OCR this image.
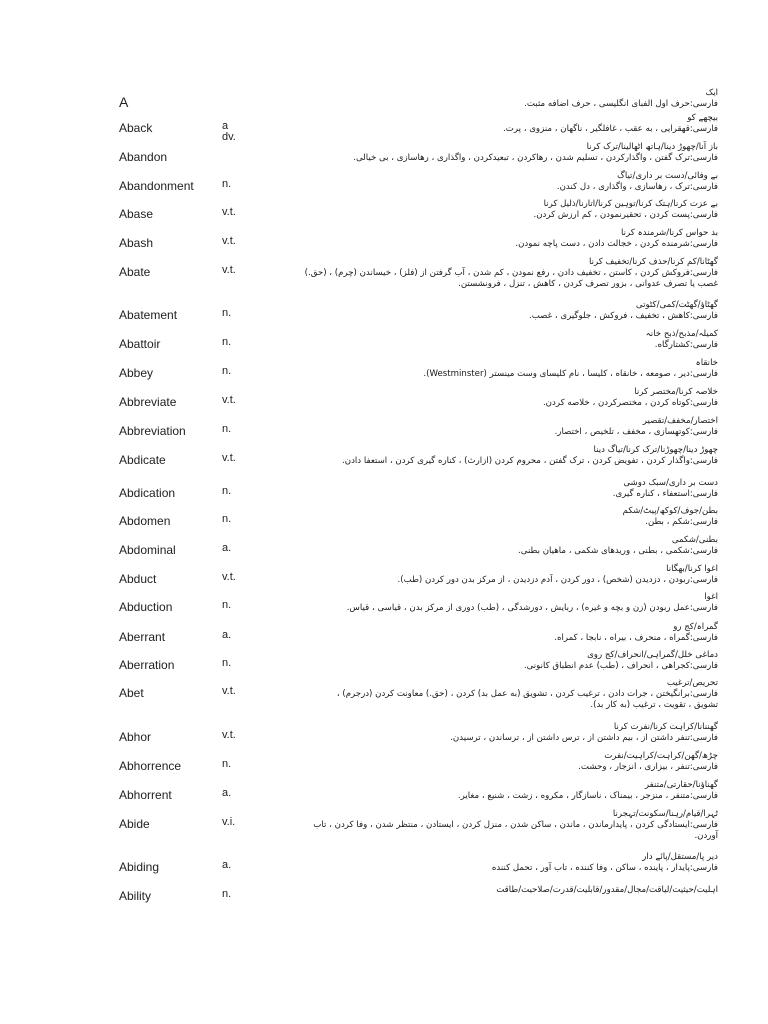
A
ایک
فارسی:حرف اول الفبای انگلیسی ، حرف اضافه مثبت.
Aback	a
dv.
بیچھے کو
فارسی:قهقرایی ، به عقب ، غافلگیر ، ناگهان ، منزوی ، پرت.
Abandon
باز آنا/چھوڑ دینا/ہاتھ اٹھالینا/ترک کرنا
فارسی:ترک گفتن ، واگذارکردن ، تسلیم شدن ، رهاکردن ، تبعیدکردن ، واگذاری ، رهاسازی ، بی خیالی.
Abandonment	n.
بے وفائی/دست بر داری/تیاگ
فارسی:ترک ، رهاسازی ، واگذاری ، دل کندن.
Abase	v.t.
بے عزت کرنا/ہتک کرنا/توہین کرنا/اتارنا/ذلیل کرنا
فارسی:پست کردن ، تحقیرنمودن ، کم ارزش کردن.
Abash	v.t.
بد حواس کرنا/شرمندہ کرنا
فارسی:شرمنده کردن ، خجالت دادن ، دست پاچه نمودن.
Abate	v.t.
گھٹانا/کم کرنا/حذف کرنا/تخفیف کرنا
فارسی:فروکش کردن ، کاستن ، تخفیف دادن ، رفع نمودن ، کم شدن ، آب گرفتن از (فلز) ، خیساندن (چرم) ، (حق.)
غصب یا تصرف عدوانی ، بزور تصرف کردن ، کاهش ، تنزل ، فرونشستن.
Abatement	n.
گھٹاؤ/گھٹت/کمی/کٹوتی
فارسی:کاهش ، تخفیف ، فروکش ، جلوگیری ، غصب.
Abattoir	n.
کمیلہ/مذبح/ذبح خانہ
فارسی:کشتارگاه.
Abbey	n.
خانقاہ
فارسی:دیر ، صومعه ، خانقاه ، کلیسا ، نام کلیسای وست مینستر (Westminster).
Abbreviate	v.t.
خلاصہ کرنا/مختصر کرنا
فارسی:کوتاه کردن ، مختصرکردن ، خلاصه کردن.
Abbreviation	n.
اختصار/مخفف/تقصیر
فارسی:کوتهسازی ، مخفف ، تلخیص ، اختصار.
Abdicate	v.t.
چھوڑ دینا/چھوڑنا/ترک کرنا/تیاگ دینا
فارسی:واگذار کردن ، تفویض کردن ، ترک گفتن ، محروم کردن (ازارث) ، کناره گیری کردن ، استعفا دادن.
Abdication	n.
دست بر داری/سبک دوشی
فارسی:استعفاء ، کناره گیری.
Abdomen	n.
بطن/جوف/کوکھ/پیٹ/شکم
فارسی:شکم ، بطن.
Abdominal	a.
بطنی/شکمی
فارسی:شکمی ، بطنی ، وریدهای شکمی ، ماهیان بطنی.
Abduct	v.t.
اغوا کرنا/بھگانا
فارسی:ربودن ، دزدیدن (شخص) ، دور کردن ، آدم دزدیدن ، از مرکز بدن دور کردن (طب).
Abduction	n.
اغوا
فارسی:عمل ربودن (زن و بچه و غیره) ، ربایش ، دورشدگی ، (طب) دوری از مرکز بدن ، قیاسی ، قیاس.
Aberrant	a.
گمراہ/کج رو
فارسی:گمراه ، منحرف ، بیراه ، نابجا ، کمراه.
Aberration	n.
دماغی خلل/گمراہی/انحراف/کج روی
فارسی:کجراهی ، انحراف ، (طب) عدم انطباق کانونی.
Abet	v.t.
تحریص/ترغیب
فارسی:برانگیختن ، جرات دادن ، ترغیب کردن ، تشویق (به عمل بد) کردن ، (حق.) معاونت کردن (درجرم) ،
تشویق ، تقویت ، ترغیب (به کار بد).
Abhor	v.t.
گھننانا/کراہت کرنا/نفرت کرنا
فارسی:تنفر داشتن از ، بیم داشتن از ، ترس داشتن از ، ترساندن ، ترسیدن.
Abhorrence	n.
چڑھ/گھن/کراہت/کراہیت/نفرت
فارسی:تنفر ، بیزاری ، انزجار ، وحشت.
Abhorrent	a.
گھناؤنا/حقارتی/متنفر
فارسی:متنفر ، منزجر ، بیمناک ، ناسازگار ، مکروه ، زشت ، شنیع ، مغایر.
Abide	v.i.
ٹہرا/قیام/رہنا/سکونت/تہجرنا
فارسی:ایستادگی کردن ، پایدارماندن ، ماندن ، ساکن شدن ، منزل کردن ، ایستادن ، منتظر شدن ، وفا کردن ، تاب
آوردن.
Abiding	a.
دیر پا/مستقل/پائے دار
فارسی:پایدار ، پاینده ، ساکن ، وفا کننده ، تاب آور ، تحمل کننده
Ability	n.	اہلیت/حیثیت/لیاقت/مجال/مقدور/قابلیت/قدرت/صلاحیت/طاقت
